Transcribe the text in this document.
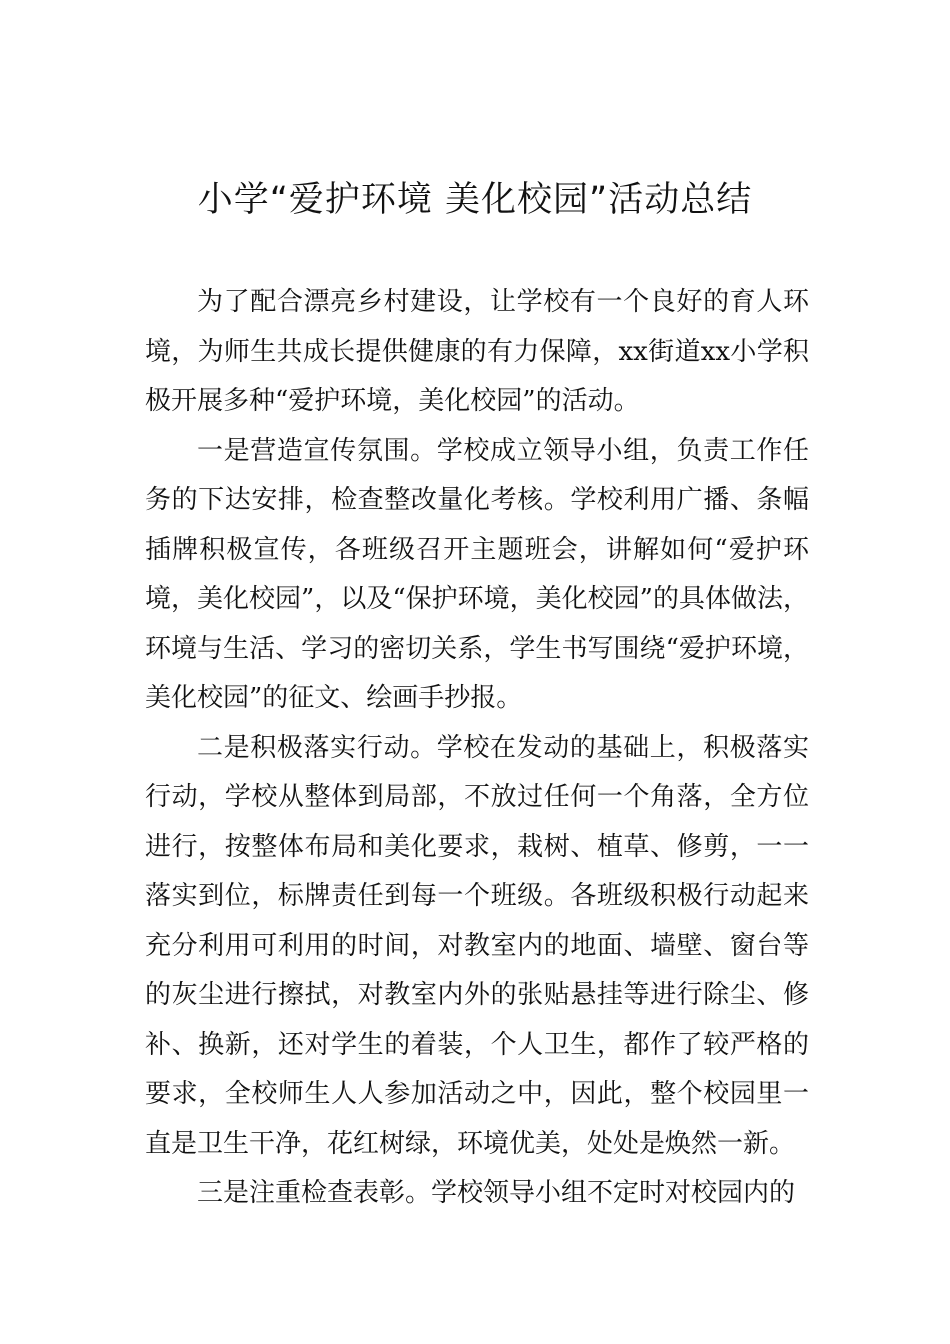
小学“爱护环境 美化校园”活动总结

为了配合漂亮乡村建设，让学校有一个良好的育人环境，为师生共成长提供健康的有力保障，xx街道xx小学积极开展多种“爱护环境，美化校园”的活动。

一是营造宣传氛围。学校成立领导小组，负责工作任务的下达安排，检查整改量化考核。学校利用广播、条幅插牌积极宣传，各班级召开主题班会，讲解如何“爱护环境，美化校园”，以及“保护环境，美化校园”的具体做法，环境与生活、学习的密切关系，学生书写围绕“爱护环境，美化校园”的征文、绘画手抄报。

二是积极落实行动。学校在发动的基础上，积极落实行动，学校从整体到局部，不放过任何一个角落，全方位进行，按整体布局和美化要求，栽树、植草、修剪，一一落实到位，标牌责任到每一个班级。各班级积极行动起来充分利用可利用的时间，对教室内的地面、墙壁、窗台等的灰尘进行擦拭，对教室内外的张贴悬挂等进行除尘、修补、换新，还对学生的着装，个人卫生，都作了较严格的要求，全校师生人人参加活动之中，因此，整个校园里一直是卫生干净，花红树绿，环境优美，处处是焕然一新。

三是注重检查表彰。学校领导小组不定时对校园内的
